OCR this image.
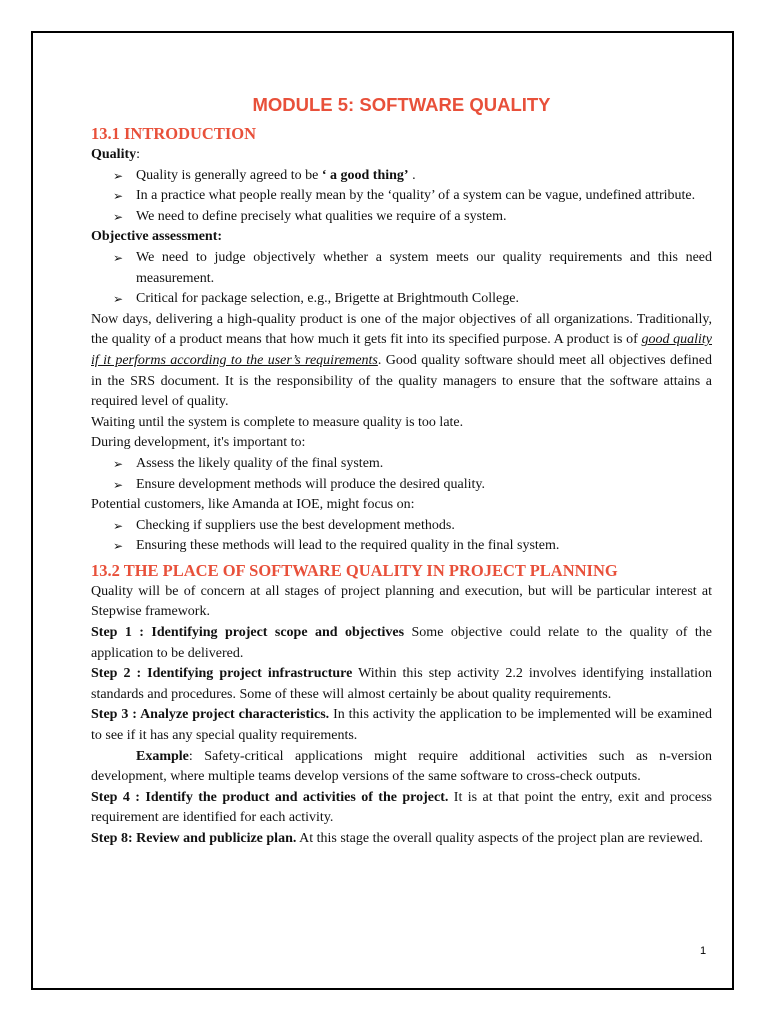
MODULE 5: SOFTWARE QUALITY
13.1 INTRODUCTION

Quality:

➢ Quality is generally agreed to be ‘ a good thing’ .
➢ In a practice what people really mean by the ‘quality’ of a system can be vague, undefined attribute.
➢ We need to define precisely what qualities we require of a system.

Objective assessment:

➢ We need to judge objectively whether a system meets our quality requirements and this need measurement.
➢ Critical for package selection, e.g., Brigette at Brightmouth College.

Now days, delivering a high-quality product is one of the major objectives of all organizations. Traditionally, the quality of a product means that how much it gets fit into its specified purpose. A product is of good quality if it performs according to the user’s requirements. Good quality software should meet all objectives defined in the SRS document. It is the responsibility of the quality managers to ensure that the software attains a required level of quality.

Waiting until the system is complete to measure quality is too late.

During development, it's important to:

➢ Assess the likely quality of the final system.
➢ Ensure development methods will produce the desired quality.

Potential customers, like Amanda at IOE, might focus on:

➢ Checking if suppliers use the best development methods.
➢ Ensuring these methods will lead to the required quality in the final system.
13.2 THE PLACE OF SOFTWARE QUALITY IN PROJECT PLANNING

Quality will be of concern at all stages of project planning and execution, but will be particular interest at Stepwise framework.

Step 1 : Identifying project scope and objectives Some objective could relate to the quality of the application to be delivered.

Step 2 : Identifying project infrastructure Within this step activity 2.2 involves identifying installation standards and procedures. Some of these will almost certainly be about quality requirements.

Step 3 : Analyze project characteristics. In this activity the application to be implemented will be examined to see if it has any special quality requirements.

Example: Safety-critical applications might require additional activities such as n-version development, where multiple teams develop versions of the same software to cross-check outputs.

Step 4 : Identify the product and activities of the project. It is at that point the entry, exit and process requirement are identified for each activity.

Step 8: Review and publicize plan. At this stage the overall quality aspects of the project plan are reviewed.

1
